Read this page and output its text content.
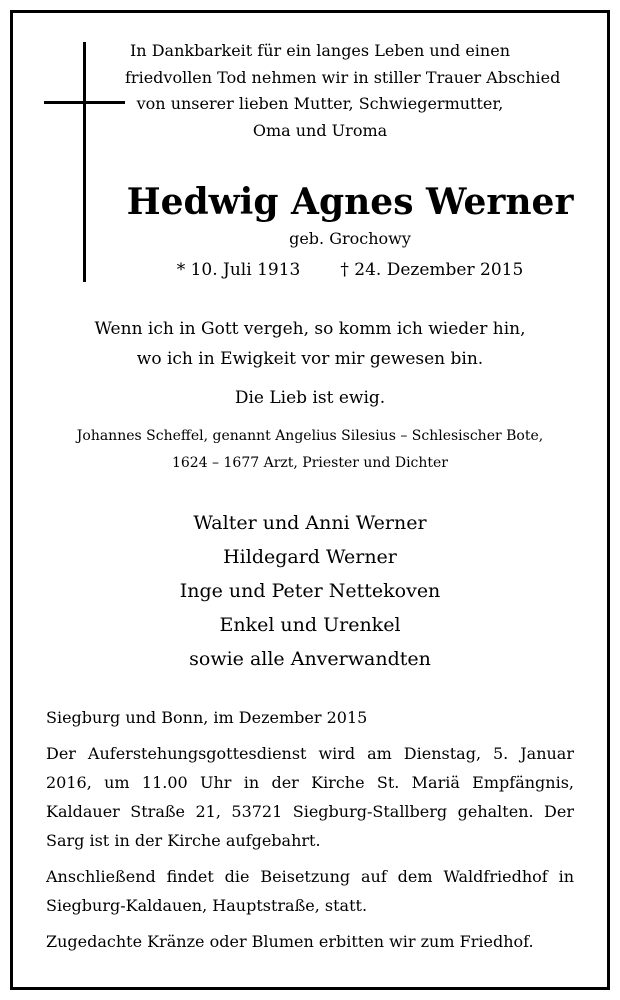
In Dankbarkeit für ein langes Leben und einen
friedvollen Tod nehmen wir in stiller Trauer Abschied
von unserer lieben Mutter, Schwiegermutter,
Oma und Uroma
Hedwig Agnes Werner
geb. Grochowy
* 10. Juli 1913 † 24. Dezember 2015
Wenn ich in Gott vergeh, so komm ich wieder hin,
wo ich in Ewigkeit vor mir gewesen bin.
Die Lieb ist ewig.
Johannes Scheffel, genannt Angelius Silesius – Schlesischer Bote,
1624 – 1677 Arzt, Priester und Dichter
Walter und Anni Werner
Hildegard Werner
Inge und Peter Nettekoven
Enkel und Urenkel
sowie alle Anverwandten

Siegburg und Bonn, im Dezember 2015

Der Auferstehungsgottesdienst wird am Dienstag, 5. Januar 2016, um 11.00 Uhr in der Kirche St. Mariä Empfängnis, Kaldauer Straße 21, 53721 Siegburg-Stallberg gehalten. Der Sarg ist in der Kirche aufgebahrt.

Anschließend findet die Beisetzung auf dem Waldfriedhof in Siegburg-Kaldauen, Hauptstraße, statt.

Zugedachte Kränze oder Blumen erbitten wir zum Friedhof.
